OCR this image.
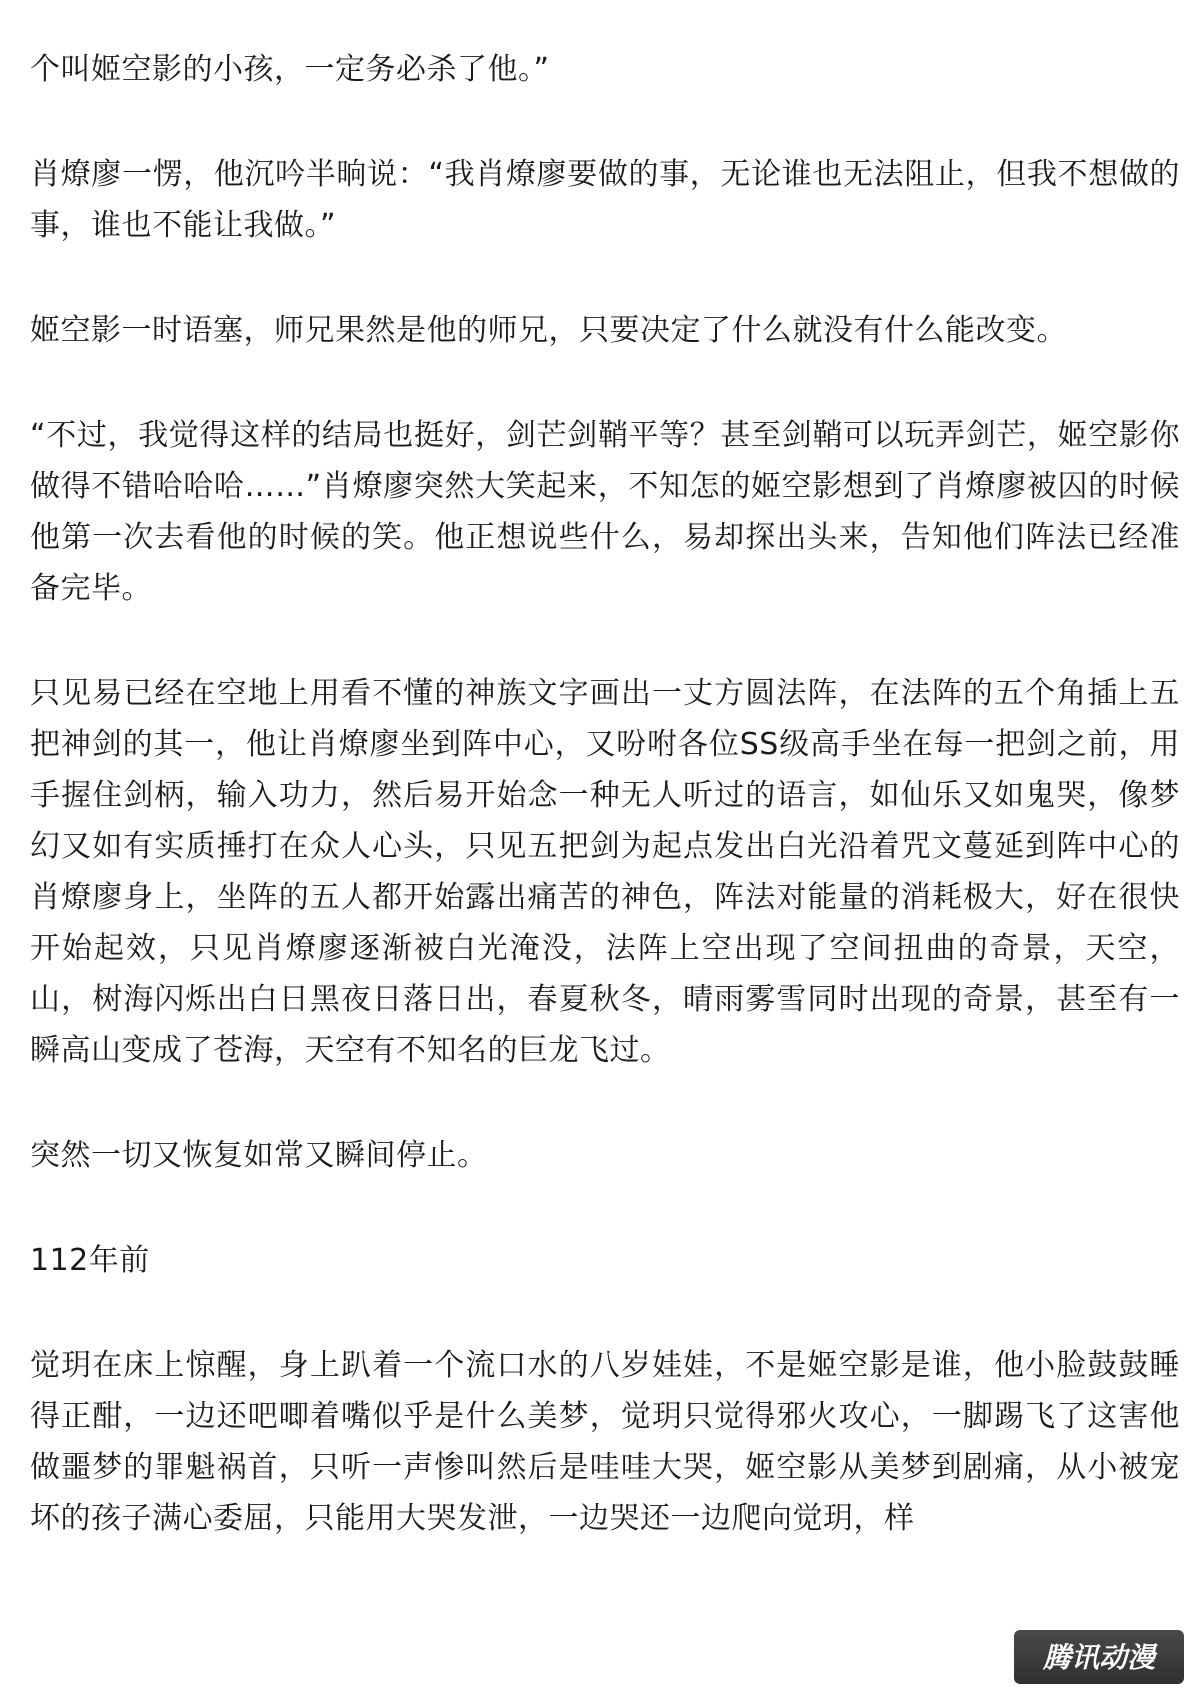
个叫姬空影的小孩，一定务必杀了他。”

肖燎廖一愣，他沉吟半晌说：“我肖燎廖要做的事，无论谁也无法阻止，但我不想做的事，谁也不能让我做。”

姬空影一时语塞，师兄果然是他的师兄，只要决定了什么就没有什么能改变。

“不过，我觉得这样的结局也挺好，剑芒剑鞘平等？甚至剑鞘可以玩弄剑芒，姬空影你做得不错哈哈哈……”肖燎廖突然大笑起来，不知怎的姬空影想到了肖燎廖被囚的时候他第一次去看他的时候的笑。他正想说些什么，易却探出头来，告知他们阵法已经准备完毕。

只见易已经在空地上用看不懂的神族文字画出一丈方圆法阵，在法阵的五个角插上五把神剑的其一，他让肖燎廖坐到阵中心，又吩咐各位SS级高手坐在每一把剑之前，用手握住剑柄，输入功力，然后易开始念一种无人听过的语言，如仙乐又如鬼哭，像梦幻又如有实质捶打在众人心头，只见五把剑为起点发出白光沿着咒文蔓延到阵中心的肖燎廖身上，坐阵的五人都开始露出痛苦的神色，阵法对能量的消耗极大，好在很快开始起效，只见肖燎廖逐渐被白光淹没，法阵上空出现了空间扭曲的奇景，天空，山，树海闪烁出白日黑夜日落日出，春夏秋冬，晴雨雾雪同时出现的奇景，甚至有一瞬高山变成了苍海，天空有不知名的巨龙飞过。

突然一切又恢复如常又瞬间停止。

112年前

觉玥在床上惊醒，身上趴着一个流口水的八岁娃娃，不是姬空影是谁，他小脸鼓鼓睡得正酣，一边还吧唧着嘴似乎是什么美梦，觉玥只觉得邪火攻心，一脚踢飞了这害他做噩梦的罪魁祸首，只听一声惨叫然后是哇哇大哭，姬空影从美梦到剧痛，从小被宠坏的孩子满心委屈，只能用大哭发泄，一边哭还一边爬向觉玥，样

腾讯动漫
